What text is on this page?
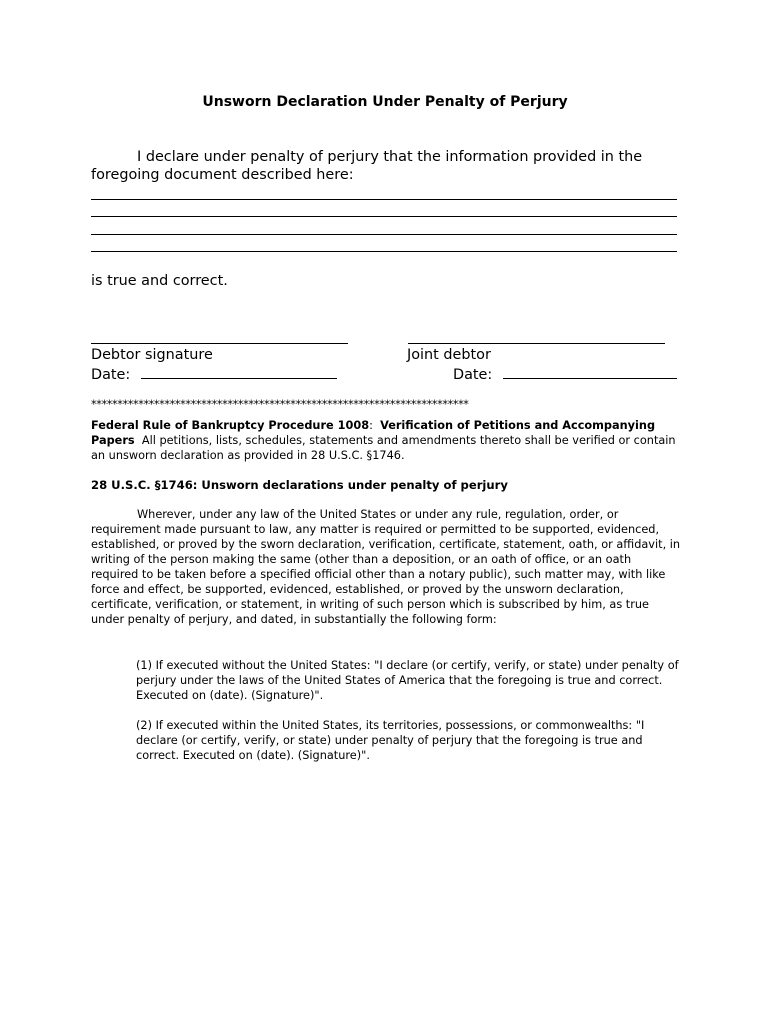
Unsworn Declaration Under Penalty of Perjury
I declare under penalty of perjury that the information provided in the
foregoing document described here:
is true and correct.
Debtor signature
Date:
Joint debtor
Date:
************************************************************************
Federal Rule of Bankruptcy Procedure 1008: Verification of Petitions and Accompanying Papers All petitions, lists, schedules, statements and amendments thereto shall be verified or contain an unsworn declaration as provided in 28 U.S.C. §1746.
28 U.S.C. §1746: Unsworn declarations under penalty of perjury
Wherever, under any law of the United States or under any rule, regulation, order, or requirement made pursuant to law, any matter is required or permitted to be supported, evidenced, established, or proved by the sworn declaration, verification, certificate, statement, oath, or affidavit, in writing of the person making the same (other than a deposition, or an oath of office, or an oath required to be taken before a specified official other than a notary public), such matter may, with like force and effect, be supported, evidenced, established, or proved by the unsworn declaration, certificate, verification, or statement, in writing of such person which is subscribed by him, as true under penalty of perjury, and dated, in substantially the following form:
(1) If executed without the United States: "I declare (or certify, verify, or state) under penalty of perjury under the laws of the United States of America that the foregoing is true and correct. Executed on (date). (Signature)".
(2) If executed within the United States, its territories, possessions, or commonwealths: "I declare (or certify, verify, or state) under penalty of perjury that the foregoing is true and correct. Executed on (date). (Signature)".
